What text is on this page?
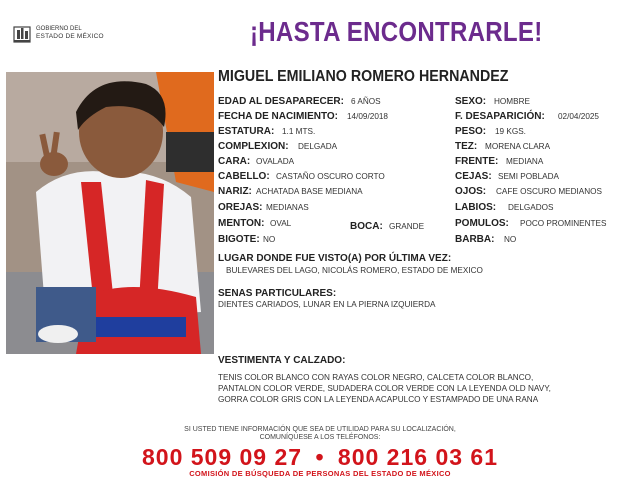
GOBIERNO DEL
ESTADO DE MÉXICO	¡HASTA ENCONTRARLE!
MIGUEL EMILIANO ROMERO HERNANDEZ
EDAD AL DESAPARECER: 6 AÑOS
FECHA DE NACIMIENTO: 14/09/2018
ESTATURA: 1.1 MTS.
COMPLEXION: DELGADA
CARA: OVALADA
CABELLO: CASTAÑO OSCURO CORTO
NARIZ: ACHATADA BASE MEDIANA
OREJAS: MEDIANAS
MENTON: OVAL	BOCA: GRANDE
BIGOTE: NO
SEXO: HOMBRE
F. DESAPARICIÓN: 02/04/2025
PESO: 19 KGS.
TEZ: MORENA CLARA
FRENTE: MEDIANA
CEJAS: SEMI POBLADA
OJOS: CAFE OSCURO MEDIANOS
LABIOS: DELGADOS
POMULOS: POCO PROMINENTES
BARBA: NO
LUGAR DONDE FUE VISTO(A) POR ÚLTIMA VEZ:
BULEVARES DEL LAGO, NICOLÁS ROMERO, ESTADO DE MEXICO
SENAS PARTICULARES:
DIENTES CARIADOS, LUNAR EN LA PIERNA IZQUIERDA
VESTIMENTA Y CALZADO:
TENIS COLOR BLANCO CON RAYAS COLOR NEGRO, CALCETA COLOR BLANCO,
PANTALON COLOR VERDE, SUDADERA COLOR VERDE CON LA LEYENDA OLD NAVY,
GORRA COLOR GRIS CON LA LEYENDA ACAPULCO Y ESTAMPADO DE UNA RANA
SI USTED TIENE INFORMACIÓN QUE SEA DE UTILIDAD PARA SU LOCALIZACIÓN,
COMUNÍQUESE A LOS TELÉFONOS:
800 509 09 27 • 800 216 03 61
COMISIÓN DE BÚSQUEDA DE PERSONAS DEL ESTADO DE MÉXICO
